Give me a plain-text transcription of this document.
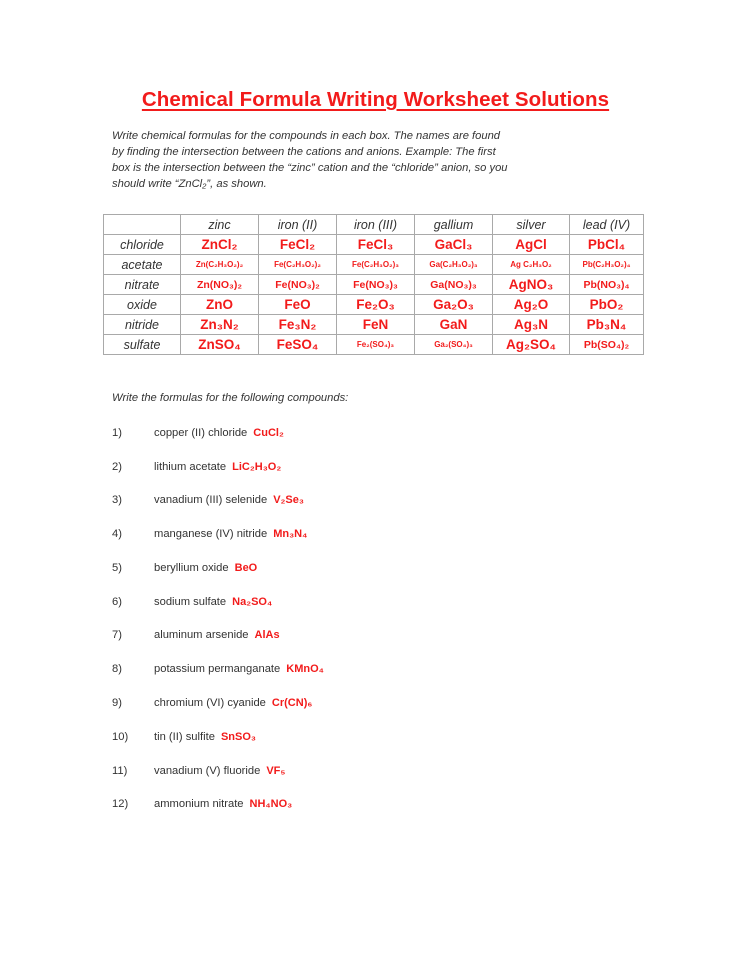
Chemical Formula Writing Worksheet Solutions
Write chemical formulas for the compounds in each box. The names are found
by finding the intersection between the cations and anions. Example: The first
box is the intersection between the “zinc” cation and the “chloride” anion, so you
should write “ZnCl₂”, as shown.
	zinc	iron (II)	iron (III)	gallium	silver	lead (IV)
chloride	ZnCl₂	FeCl₂	FeCl₃	GaCl₃	AgCl	PbCl₄
acetate	Zn(C₂H₃O₂)₂	Fe(C₂H₃O₂)₂	Fe(C₂H₃O₂)₃	Ga(C₂H₃O₂)₃	Ag C₂H₃O₂	Pb(C₂H₃O₂)₄
nitrate	Zn(NO₃)₂	Fe(NO₃)₂	Fe(NO₃)₃	Ga(NO₃)₃	AgNO₃	Pb(NO₃)₄
oxide	ZnO	FeO	Fe₂O₃	Ga₂O₃	Ag₂O	PbO₂
nitride	Zn₃N₂	Fe₃N₂	FeN	GaN	Ag₃N	Pb₃N₄
sulfate	ZnSO₄	FeSO₄	Fe₂(SO₄)₃	Ga₂(SO₄)₃	Ag₂SO₄	Pb(SO₄)₂
Write the formulas for the following compounds:
1)	copper (II) chloride CuCl₂
2)	lithium acetate LiC₂H₃O₂
3)	vanadium (III) selenide V₂Se₃
4)	manganese (IV) nitride Mn₃N₄
5)	beryllium oxide BeO
6)	sodium sulfate Na₂SO₄
7)	aluminum arsenide AlAs
8)	potassium permanganate KMnO₄
9)	chromium (VI) cyanide Cr(CN)₆
10) tin (II) sulfite SnSO₃
11) vanadium (V) fluoride VF₅
12) ammonium nitrate NH₄NO₃
